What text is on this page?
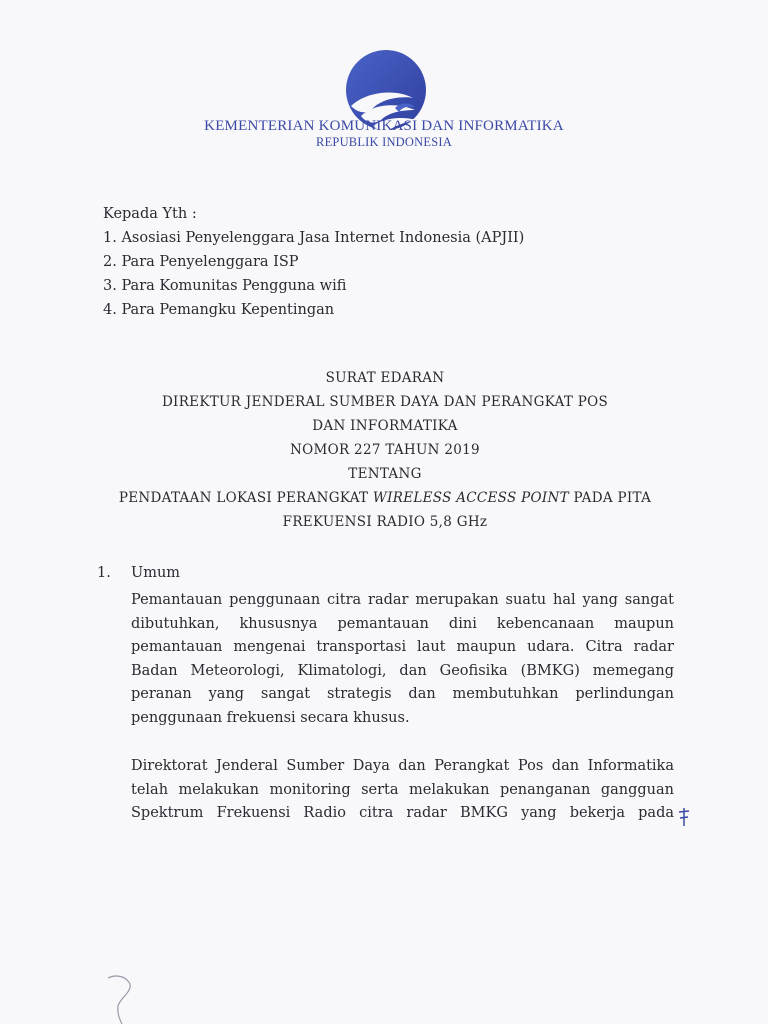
KEMENTERIAN KOMUNIKASI DAN INFORMATIKA
REPUBLIK INDONESIA
Kepada Yth :
1. Asosiasi Penyelenggara Jasa Internet Indonesia (APJII)
2. Para Penyelenggara ISP
3. Para Komunitas Pengguna wifi
4. Para Pemangku Kepentingan
SURAT EDARAN
DIREKTUR JENDERAL SUMBER DAYA DAN PERANGKAT POS
DAN INFORMATIKA
NOMOR 227 TAHUN 2019
TENTANG
PENDATAAN LOKASI PERANGKAT WIRELESS ACCESS POINT PADA PITA
FREKUENSI RADIO 5,8 GHz
1. Umum
Pemantauan penggunaan citra radar merupakan suatu hal yang sangat
dibutuhkan, khususnya pemantauan dini kebencanaan maupun
pemantauan mengenai transportasi laut maupun udara. Citra radar
Badan Meteorologi, Klimatologi, dan Geofisika (BMKG) memegang
peranan yang sangat strategis dan membutuhkan perlindungan
penggunaan frekuensi secara khusus.
Direktorat Jenderal Sumber Daya dan Perangkat Pos dan Informatika
telah melakukan monitoring serta melakukan penanganan gangguan
Spektrum Frekuensi Radio citra radar BMKG yang bekerja pada
